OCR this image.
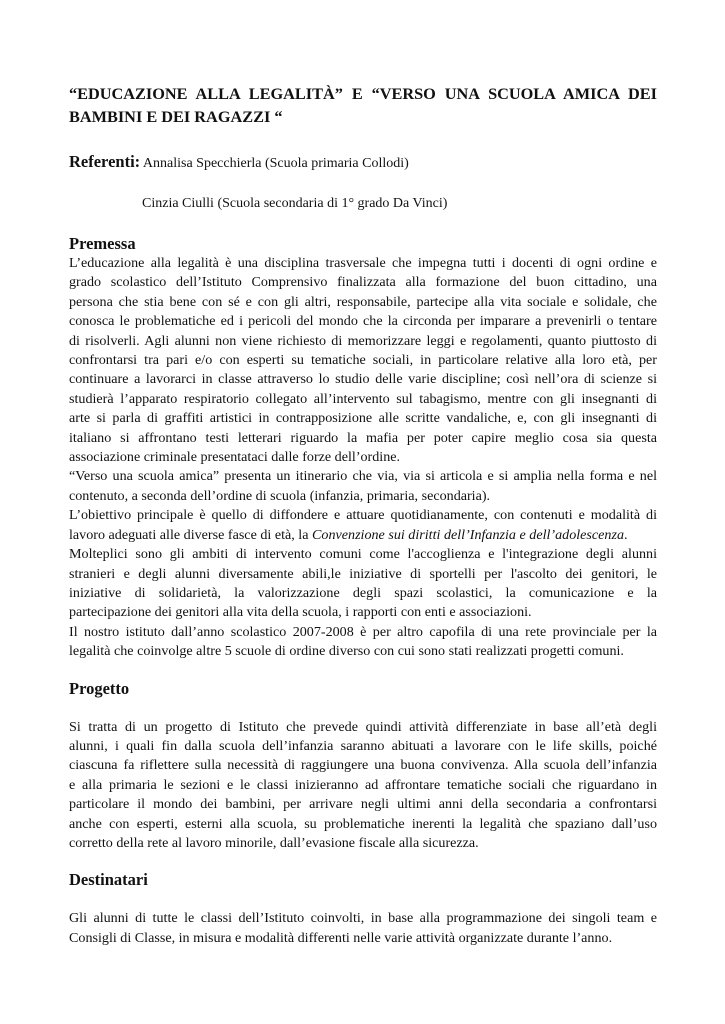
“EDUCAZIONE ALLA LEGALITÀ” E “VERSO UNA SCUOLA AMICA DEI
BAMBINI E DEI RAGAZZI “
Referenti: Annalisa Specchierla (Scuola primaria Collodi)
Cinzia Ciulli (Scuola secondaria di 1° grado Da Vinci)
Premessa
L’educazione alla legalità è una disciplina trasversale che impegna tutti i docenti di ogni ordine e
grado scolastico dell’Istituto Comprensivo finalizzata alla formazione del buon cittadino, una
persona che stia bene con sé e con gli altri, responsabile, partecipe alla vita sociale e solidale, che
conosca le problematiche ed i pericoli del mondo che la circonda per imparare a prevenirli o tentare
di risolverli. Agli alunni non viene richiesto di memorizzare leggi e regolamenti, quanto piuttosto di
confrontarsi tra pari e/o con esperti su tematiche sociali, in particolare relative alla loro età, per
continuare a lavorarci in classe attraverso lo studio delle varie discipline; così nell’ora di scienze si
studierà l’apparato respiratorio collegato all’intervento sul tabagismo, mentre con gli insegnanti di
arte si parla di graffiti artistici in contrapposizione alle scritte vandaliche, e, con gli insegnanti di
italiano si affrontano testi letterari riguardo la mafia per poter capire meglio cosa sia questa
associazione criminale presentataci dalle forze dell’ordine.
“Verso una scuola amica” presenta un itinerario che via, via si articola e si amplia nella forma e nel
contenuto, a seconda dell’ordine di scuola (infanzia, primaria, secondaria).
L’obiettivo principale è quello di diffondere e attuare quotidianamente, con contenuti e modalità di
lavoro adeguati alle diverse fasce di età, la Convenzione sui diritti dell’Infanzia e dell’adolescenza.
Molteplici sono gli ambiti di intervento comuni come l'accoglienza e l'integrazione degli alunni
stranieri e degli alunni diversamente abili,le iniziative di sportelli per l'ascolto dei genitori, le
iniziative di solidarietà, la valorizzazione degli spazi scolastici, la comunicazione e la
partecipazione dei genitori alla vita della scuola, i rapporti con enti e associazioni.
Il nostro istituto dall’anno scolastico 2007-2008 è per altro capofila di una rete provinciale per la
legalità che coinvolge altre 5 scuole di ordine diverso con cui sono stati realizzati progetti comuni.
Progetto
Si tratta di un progetto di Istituto che prevede quindi attività differenziate in base all’età degli
alunni, i quali fin dalla scuola dell’infanzia saranno abituati a lavorare con le life skills, poiché
ciascuna fa riflettere sulla necessità di raggiungere una buona convivenza. Alla scuola dell’infanzia
e alla primaria le sezioni e le classi inizieranno ad affrontare tematiche sociali che riguardano in
particolare il mondo dei bambini, per arrivare negli ultimi anni della secondaria a confrontarsi
anche con esperti, esterni alla scuola, su problematiche inerenti la legalità che spaziano dall’uso
corretto della rete al lavoro minorile, dall’evasione fiscale alla sicurezza.
Destinatari
Gli alunni di tutte le classi dell’Istituto coinvolti, in base alla programmazione dei singoli team e
Consigli di Classe, in misura e modalità differenti nelle varie attività organizzate durante l’anno.
